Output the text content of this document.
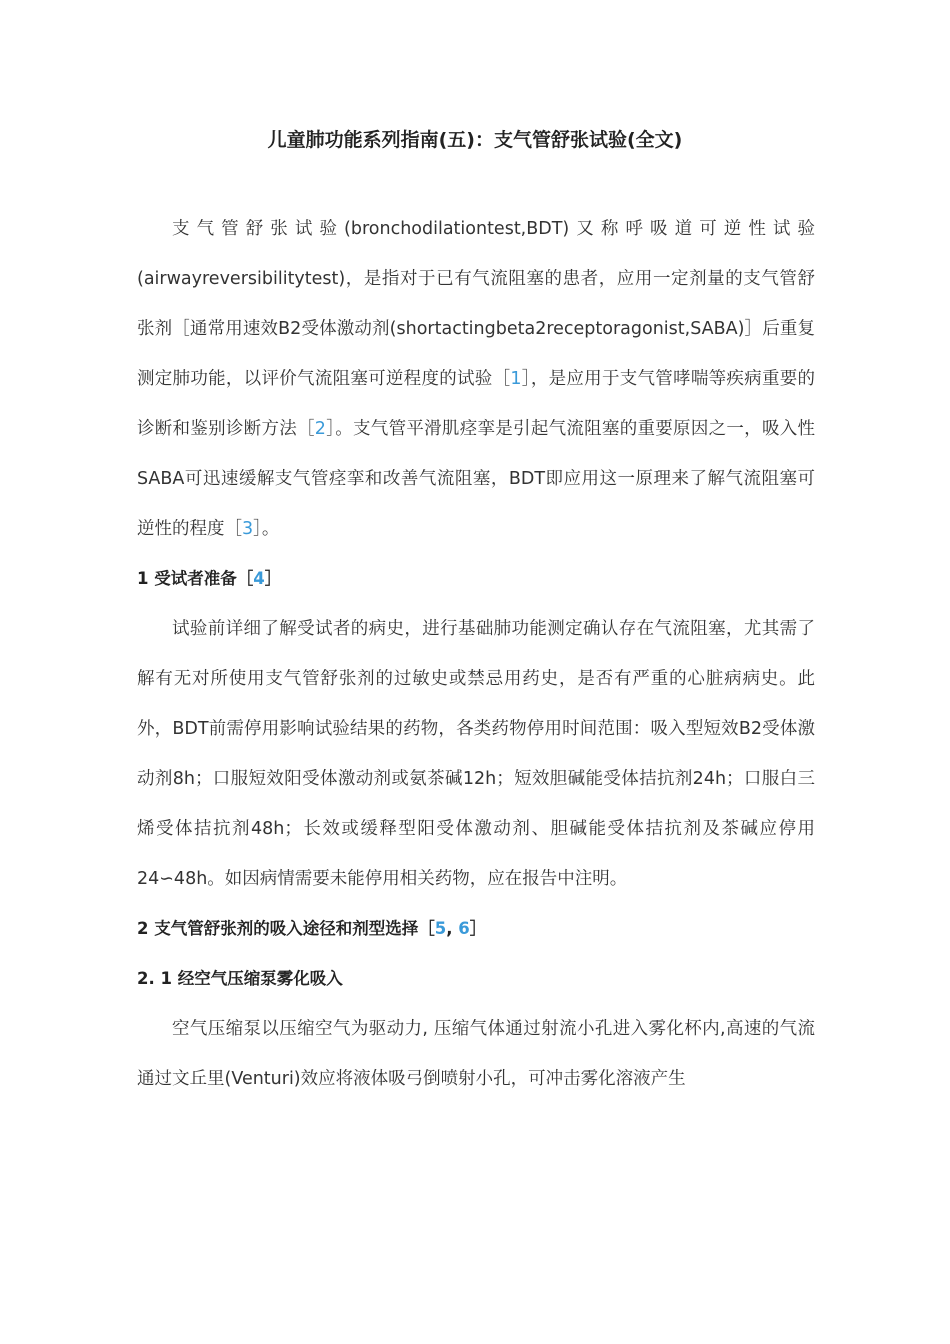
儿童肺功能系列指南(五)：支气管舒张试验(全文)

支气管舒张试验(bronchodilationtest,BDT)又称呼吸道可逆性试验(airwayreversibilitytest)，是指对于已有气流阻塞的患者，应用一定剂量的支气管舒张剂［通常用速效B2受体激动剂(shortactingbeta2receptoragonist,SABA)］后重复测定肺功能，以评价气流阻塞可逆程度的试验［1］，是应用于支气管哮喘等疾病重要的诊断和鉴别诊断方法［2］。支气管平滑肌痉挛是引起气流阻塞的重要原因之一，吸入性SABA可迅速缓解支气管痉挛和改善气流阻塞，BDT即应用这一原理来了解气流阻塞可逆性的程度［3］。

1 受试者准备［4］

试验前详细了解受试者的病史，进行基础肺功能测定确认存在气流阻塞，尤其需了解有无对所使用支气管舒张剂的过敏史或禁忌用药史，是否有严重的心脏病病史。此外，BDT前需停用影响试验结果的药物，各类药物停用时间范围：吸入型短效B2受体激动剂8h；口服短效阳受体激动剂或氨茶碱12h；短效胆碱能受体拮抗剂24h；口服白三烯受体拮抗剂48h；长效或缓释型阳受体激动剂、胆碱能受体拮抗剂及茶碱应停用24∽48h。如因病情需要未能停用相关药物，应在报告中注明。

2 支气管舒张剂的吸入途径和剂型选择［5, 6］

2. 1 经空气压缩泵雾化吸入

空气压缩泵以压缩空气为驱动力, 压缩气体通过射流小孔进入雾化杯内,高速的气流通过文丘里(Venturi)效应将液体吸弓倒喷射小孔，可冲击雾化溶液产生
